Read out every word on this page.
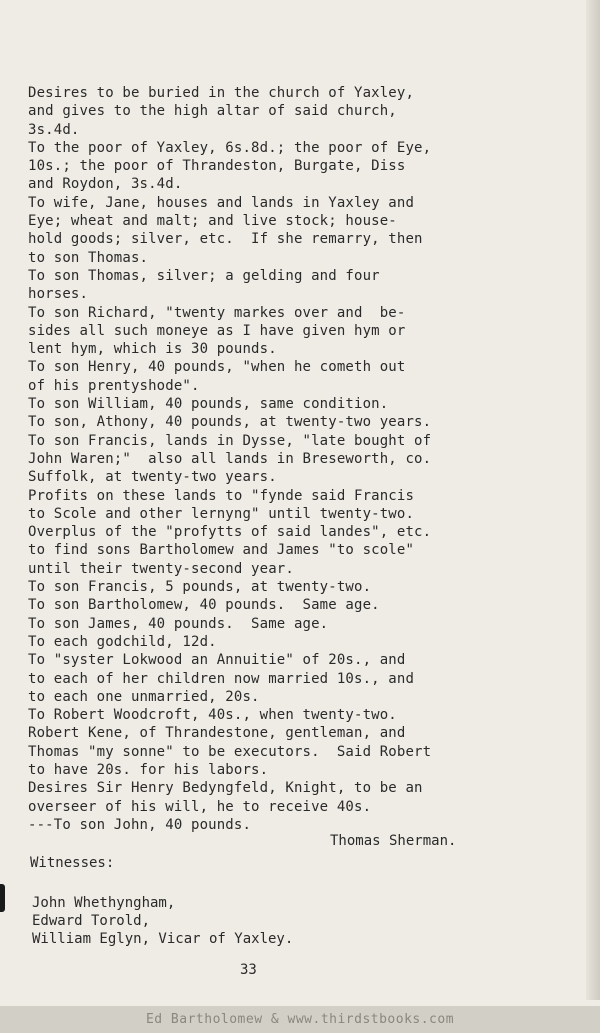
Desires to be buried in the church of Yaxley,
and gives to the high altar of said church,
3s.4d.
To the poor of Yaxley, 6s.8d.; the poor of Eye,
10s.; the poor of Thrandeston, Burgate, Diss
and Roydon, 3s.4d.
To wife, Jane, houses and lands in Yaxley and
Eye; wheat and malt; and live stock; house-
hold goods; silver, etc.  If she remarry, then
to son Thomas.
To son Thomas, silver; a gelding and four
horses.
To son Richard, "twenty markes over and  be-
sides all such moneye as I have given hym or
lent hym, which is 30 pounds.
To son Henry, 40 pounds, "when he cometh out
of his prentyshode".
To son William, 40 pounds, same condition.
To son, Athony, 40 pounds, at twenty-two years.
To son Francis, lands in Dysse, "late bought of
John Waren;"  also all lands in Breseworth, co.
Suffolk, at twenty-two years.
Profits on these lands to "fynde said Francis
to Scole and other lernyng" until twenty-two.
Overplus of the "profytts of said landes", etc.
to find sons Bartholomew and James "to scole"
until their twenty-second year.
To son Francis, 5 pounds, at twenty-two.
To son Bartholomew, 40 pounds.  Same age.
To son James, 40 pounds.  Same age.
To each godchild, 12d.
To "syster Lokwood an Annuitie" of 20s., and
to each of her children now married 10s., and
to each one unmarried, 20s.
To Robert Woodcroft, 40s., when twenty-two.
Robert Kene, of Thrandestone, gentleman, and
Thomas "my sonne" to be executors.  Said Robert
to have 20s. for his labors.
Desires Sir Henry Bedyngfeld, Knight, to be an
overseer of his will, he to receive 40s.
---To son John, 40 pounds.
Thomas Sherman.
Witnesses:
John Whethyngham,
Edward Torold,
William Eglyn, Vicar of Yaxley.
33
Ed Bartholomew & www.thirdstbooks.com
